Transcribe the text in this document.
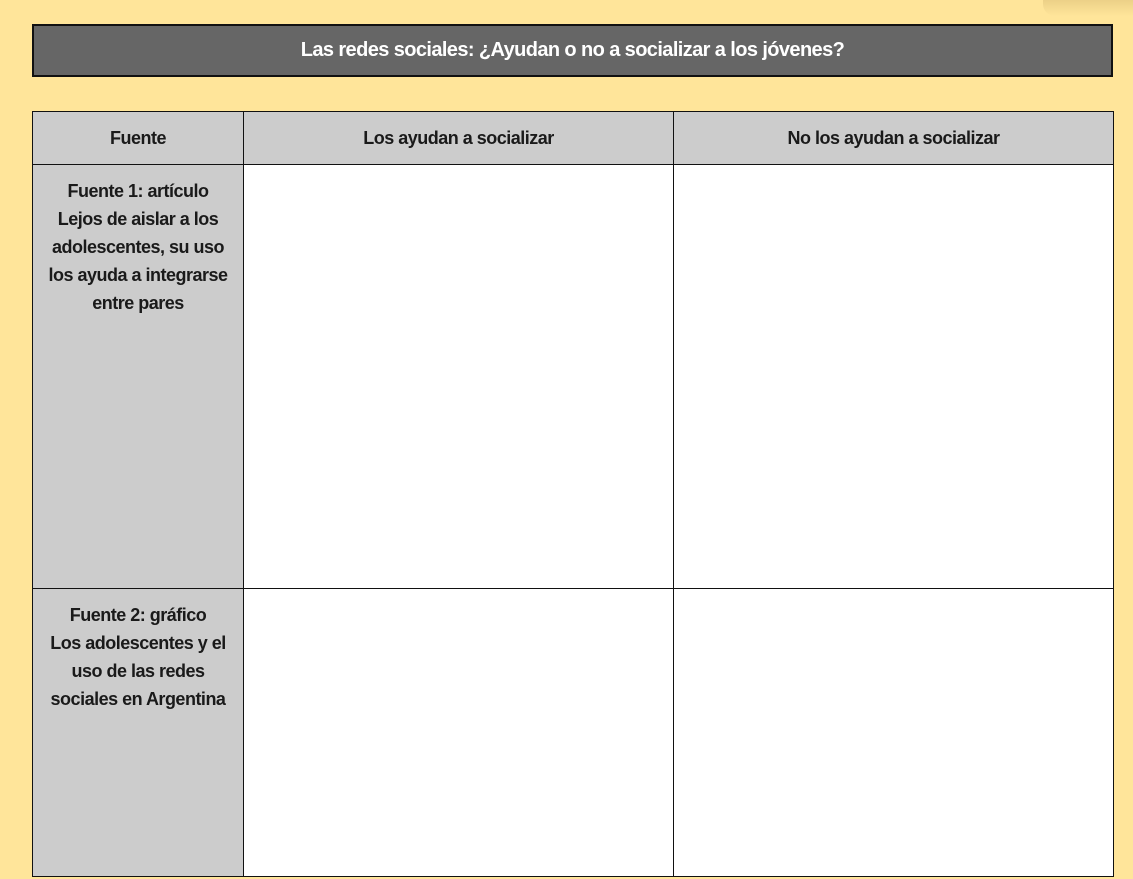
Las redes sociales: ¿Ayudan o no a socializar a los jóvenes?
Fuente	Los ayudan a socializar	No los ayudan a socializar

Fuente 1: artículo
Lejos de aislar a los adolescentes, su uso los ayuda a integrarse entre pares		

Fuente 2: gráfico
Los adolescentes y el uso de las redes sociales en Argentina		
